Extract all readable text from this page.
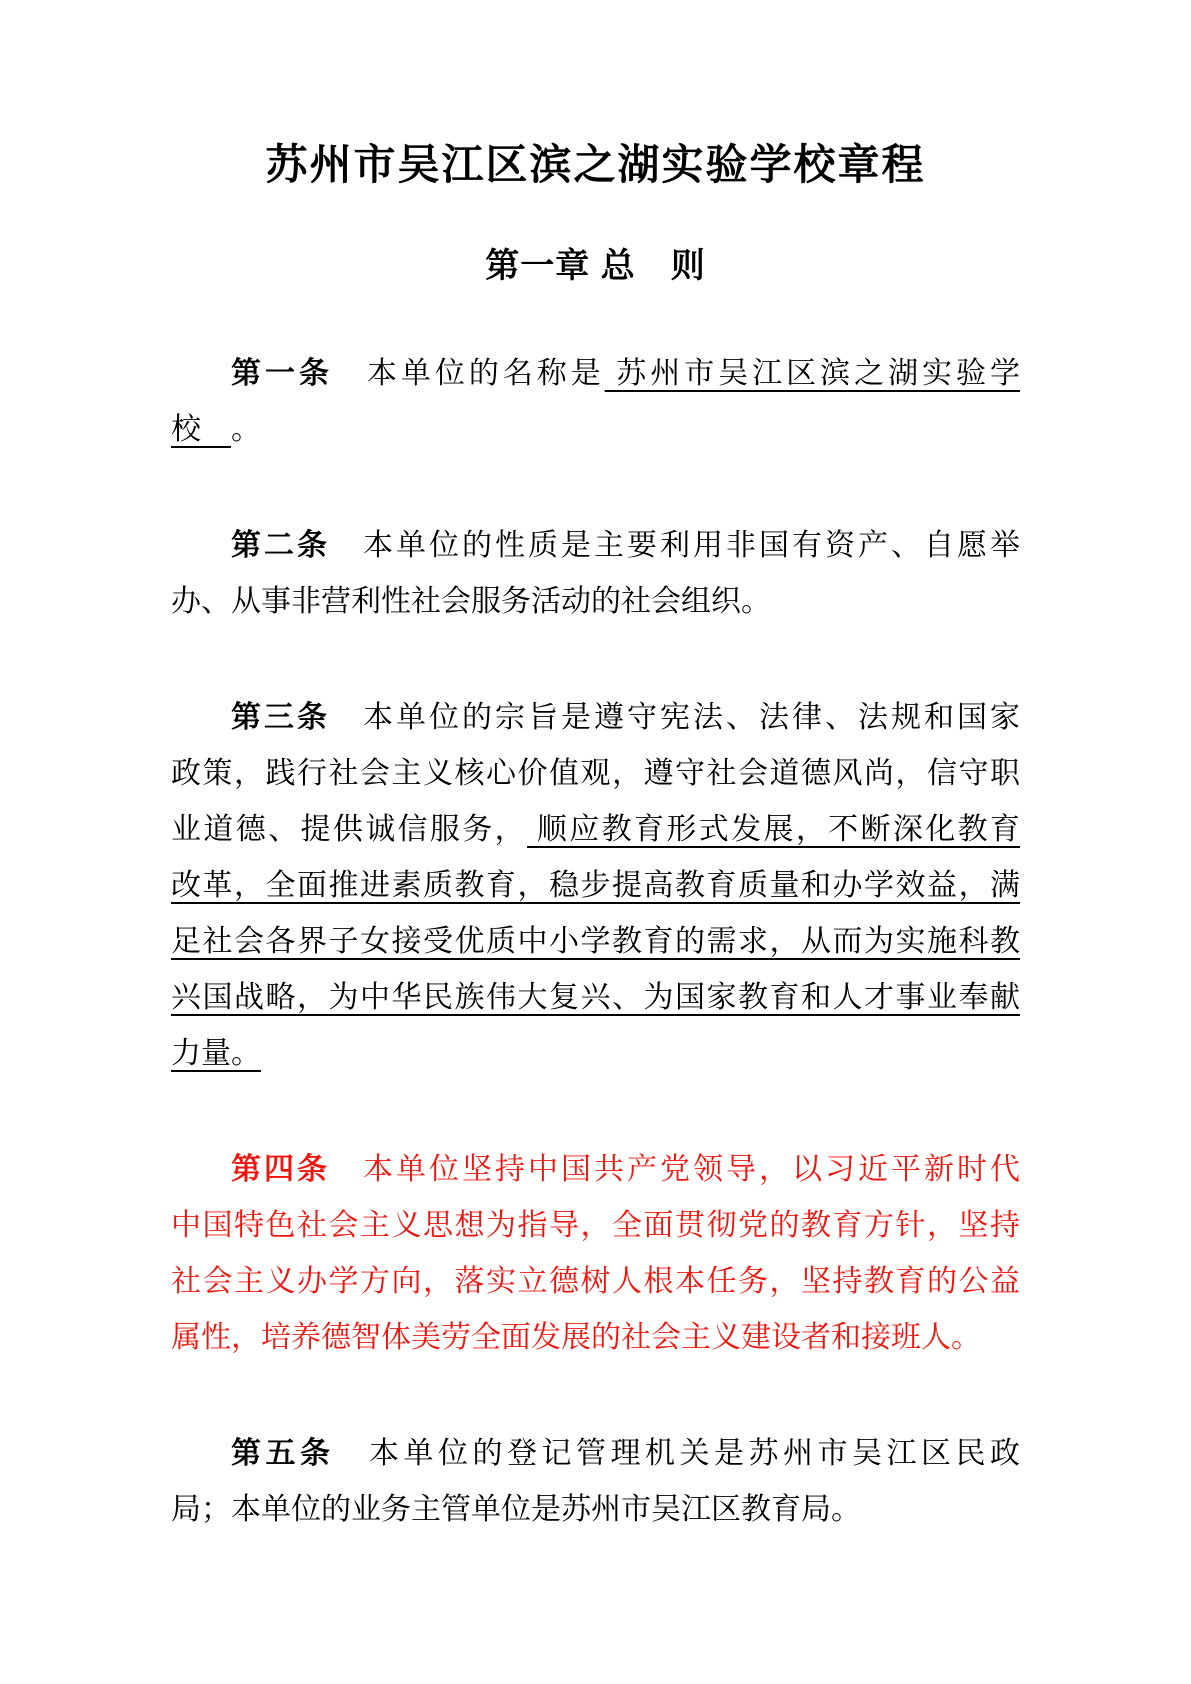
苏州市吴江区滨之湖实验学校章程
第一章 总　则
第一条　本单位的名称是 苏州市吴江区滨之湖实验学
校　。
第二条　本单位的性质是主要利用非国有资产、自愿举
办、从事非营利性社会服务活动的社会组织。
第三条　本单位的宗旨是遵守宪法、法律、法规和国家
政策，践行社会主义核心价值观，遵守社会道德风尚，信守职
业道德、提供诚信服务， 顺应教育形式发展，不断深化教育
改革，全面推进素质教育，稳步提高教育质量和办学效益，满
足社会各界子女接受优质中小学教育的需求，从而为实施科教
兴国战略，为中华民族伟大复兴、为国家教育和人才事业奉献
力量。
第四条　本单位坚持中国共产党领导，以习近平新时代
中国特色社会主义思想为指导，全面贯彻党的教育方针，坚持
社会主义办学方向，落实立德树人根本任务，坚持教育的公益
属性，培养德智体美劳全面发展的社会主义建设者和接班人。
第五条　本单位的登记管理机关是苏州市吴江区民政
局；本单位的业务主管单位是苏州市吴江区教育局。
